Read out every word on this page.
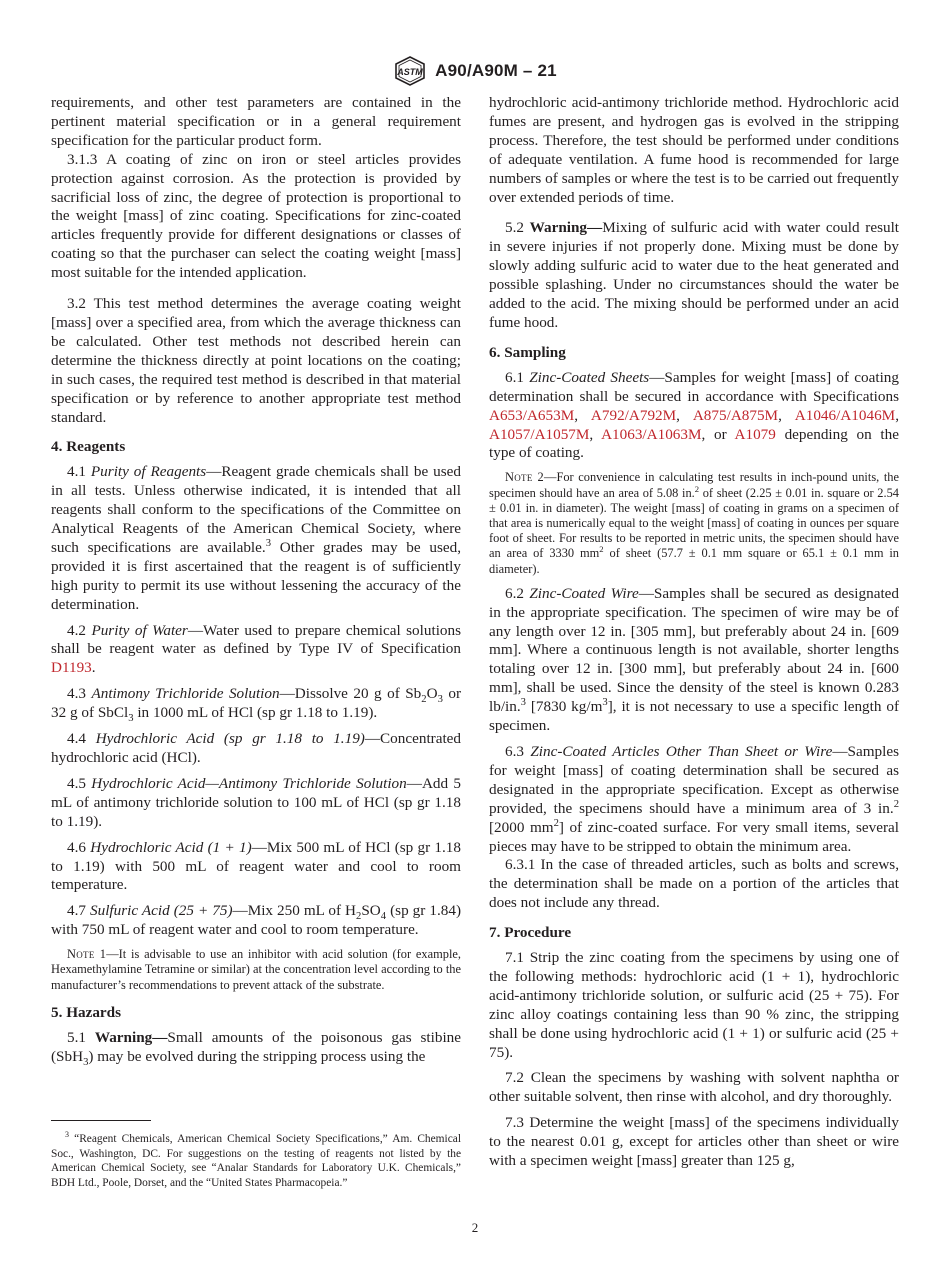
ASTM A90/A90M – 21

requirements, and other test parameters are contained in the pertinent material specification or in a general requirement specification for the particular product form.

3.1.3 A coating of zinc on iron or steel articles provides protection against corrosion. As the protection is provided by sacrificial loss of zinc, the degree of protection is proportional to the weight [mass] of zinc coating. Specifications for zinc-coated articles frequently provide for different designations or classes of coating so that the purchaser can select the coating weight [mass] most suitable for the intended application.

3.2 This test method determines the average coating weight [mass] over a specified area, from which the average thickness can be calculated. Other test methods not described herein can determine the thickness directly at point locations on the coating; in such cases, the required test method is described in that material specification or by reference to another appropriate test method standard.

4. Reagents

4.1 Purity of Reagents—Reagent grade chemicals shall be used in all tests. Unless otherwise indicated, it is intended that all reagents shall conform to the specifications of the Committee on Analytical Reagents of the American Chemical Society, where such specifications are available.$^3$ Other grades may be used, provided it is first ascertained that the reagent is of sufficiently high purity to permit its use without lessening the accuracy of the determination.

4.2 Purity of Water—Water used to prepare chemical solutions shall be reagent water as defined by Type IV of Specification D1193.

4.3 Antimony Trichloride Solution—Dissolve 20 g of $Sb_2O_3$ or 32 g of SbCl$_3$ in 1000 mL of HCl (sp gr 1.18 to 1.19).

4.4 Hydrochloric Acid (sp gr 1.18 to 1.19)—Concentrated hydrochloric acid (HCl).

4.5 Hydrochloric Acid—Antimony Trichloride Solution—Add 5 mL of antimony trichloride solution to 100 mL of HCl (sp gr 1.18 to 1.19).

4.6 Hydrochloric Acid (1 + 1)—Mix 500 mL of HCl (sp gr 1.18 to 1.19) with 500 mL of reagent water and cool to room temperature.

4.7 Sulfuric Acid (25 + 75)—Mix 250 mL of $H_2SO_4$ (sp gr 1.84) with 750 mL of reagent water and cool to room temperature.

Note 1—It is advisable to use an inhibitor with acid solution (for example, Hexamethylamine Tetramine or similar) at the concentration level according to the manufacturer’s recommendations to prevent attack of the substrate.

5. Hazards

5.1 Warning—Small amounts of the poisonous gas stibine (SbH$_3$) may be evolved during the stripping process using the

$^3$ “Reagent Chemicals, American Chemical Society Specifications,” Am. Chemical Soc., Washington, DC. For suggestions on the testing of reagents not listed by the American Chemical Society, see “Analar Standards for Laboratory U.K. Chemicals,” BDH Ltd., Poole, Dorset, and the “United States Pharmacopeia.”

hydrochloric acid-antimony trichloride method. Hydrochloric acid fumes are present, and hydrogen gas is evolved in the stripping process. Therefore, the test should be performed under conditions of adequate ventilation. A fume hood is recommended for large numbers of samples or where the test is to be carried out frequently over extended periods of time.

5.2 Warning—Mixing of sulfuric acid with water could result in severe injuries if not properly done. Mixing must be done by slowly adding sulfuric acid to water due to the heat generated and possible splashing. Under no circumstances should the water be added to the acid. The mixing should be performed under an acid fume hood.

6. Sampling

6.1 Zinc-Coated Sheets—Samples for weight [mass] of coating determination shall be secured in accordance with Specifications A653/A653M, A792/A792M, A875/A875M, A1046/A1046M, A1057/A1057M, A1063/A1063M, or A1079 depending on the type of coating.

Note 2—For convenience in calculating test results in inch-pound units, the specimen should have an area of 5.08 in.$^2$ of sheet (2.25 ± 0.01 in. square or 2.54 ± 0.01 in. in diameter). The weight [mass] of coating in grams on a specimen of that area is numerically equal to the weight [mass] of coating in ounces per square foot of sheet. For results to be reported in metric units, the specimen should have an area of 3330 $mm^2$ of sheet (57.7 ± 0.1 mm square or 65.1 ± 0.1 mm in diameter).

6.2 Zinc-Coated Wire—Samples shall be secured as designated in the appropriate specification. The specimen of wire may be of any length over 12 in. [305 mm], but preferably about 24 in. [609 mm]. Where a continuous length is not available, shorter lengths totaling over 12 in. [300 mm], but preferably about 24 in. [600 mm], shall be used. Since the density of the steel is known 0.283 lb/in.$^3$ [7830 $kg/m^3$], it is not necessary to use a specific length of specimen.

6.3 Zinc-Coated Articles Other Than Sheet or Wire—Samples for weight [mass] of coating determination shall be secured as designated in the appropriate specification. Except as otherwise provided, the specimens should have a minimum area of 3 in.$^2$ [2000 $mm^2$] of zinc-coated surface. For very small items, several pieces may have to be stripped to obtain the minimum area.

6.3.1 In the case of threaded articles, such as bolts and screws, the determination shall be made on a portion of the articles that does not include any thread.

7. Procedure

7.1 Strip the zinc coating from the specimens by using one of the following methods: hydrochloric acid (1 + 1), hydrochloric acid-antimony trichloride solution, or sulfuric acid (25 + 75). For zinc alloy coatings containing less than 90 % zinc, the stripping shall be done using hydrochloric acid (1 + 1) or sulfuric acid (25 + 75).

7.2 Clean the specimens by washing with solvent naphtha or other suitable solvent, then rinse with alcohol, and dry thoroughly.

7.3 Determine the weight [mass] of the specimens individually to the nearest 0.01 g, except for articles other than sheet or wire with a specimen weight [mass] greater than 125 g,

2
